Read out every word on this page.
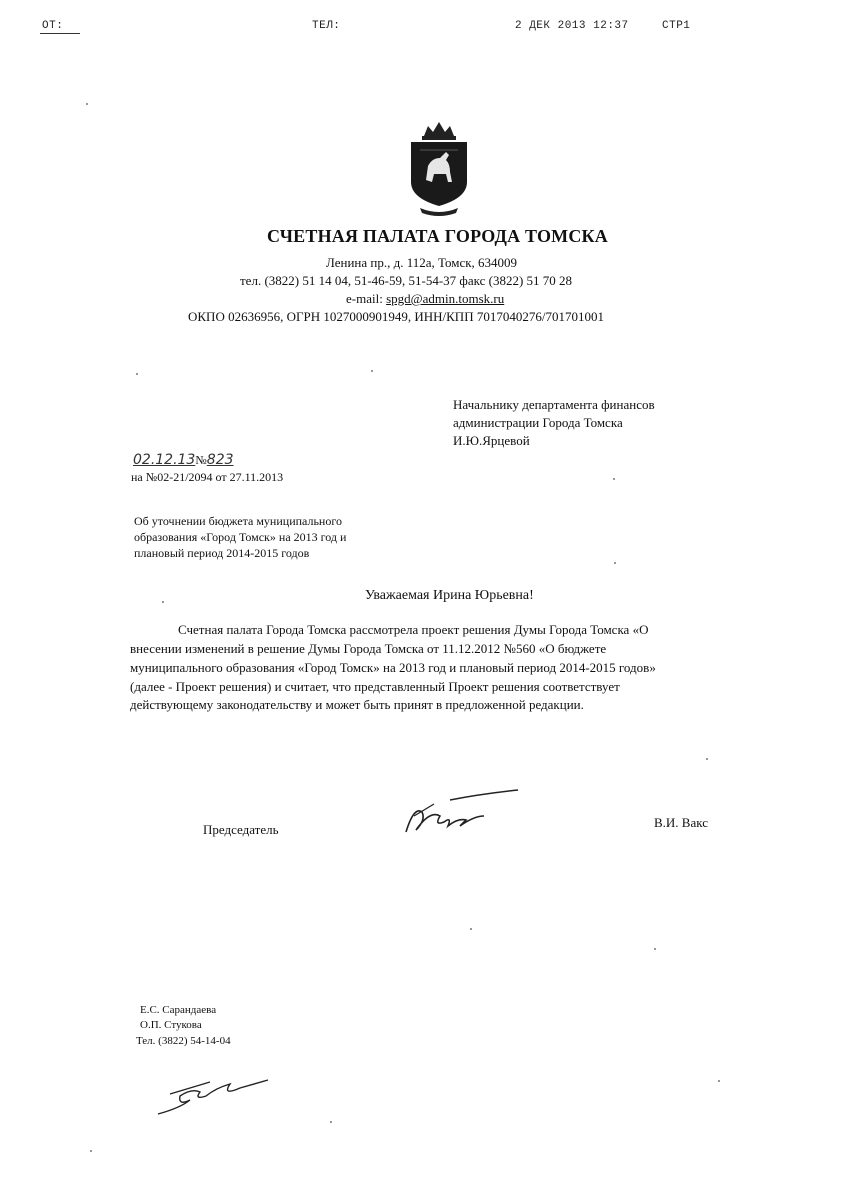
ОТ:	ТЕЛ:	2 ДЕК 2013 12:37	СТР1
СЧЕТНАЯ ПАЛАТА ГОРОДА ТОМСКА
Ленина пр., д. 112а, Томск, 634009
тел. (3822) 51 14 04, 51-46-59, 51-54-37 факс (3822) 51 70 28
e-mail: spgd@admin.tomsk.ru
ОКПО 02636956, ОГРН 1027000901949, ИНН/КПП 7017040276/701701001
Начальнику департамента финансов
администрации Города Томска
И.Ю.Ярцевой
02.12.13№823
на №02-21/2094 от 27.11.2013
Об уточнении бюджета муниципального
образования «Город Томск» на 2013 год и
плановый период 2014-2015 годов
Уважаемая Ирина Юрьевна!
Счетная палата Города Томска рассмотрела проект решения Думы Города Томска «О
внесении изменений в решение Думы Города Томска от 11.12.2012 №560 «О бюджете
муниципального образования «Город Томск» на 2013 год и плановый период 2014-2015 годов»
(далее - Проект решения) и считает, что представленный Проект решения соответствует
действующему законодательству и может быть принят в предложенной редакции.
Председатель	В.И. Вакс
Е.С. Сарандаева
О.П. Стукова
Тел. (3822) 54-14-04
